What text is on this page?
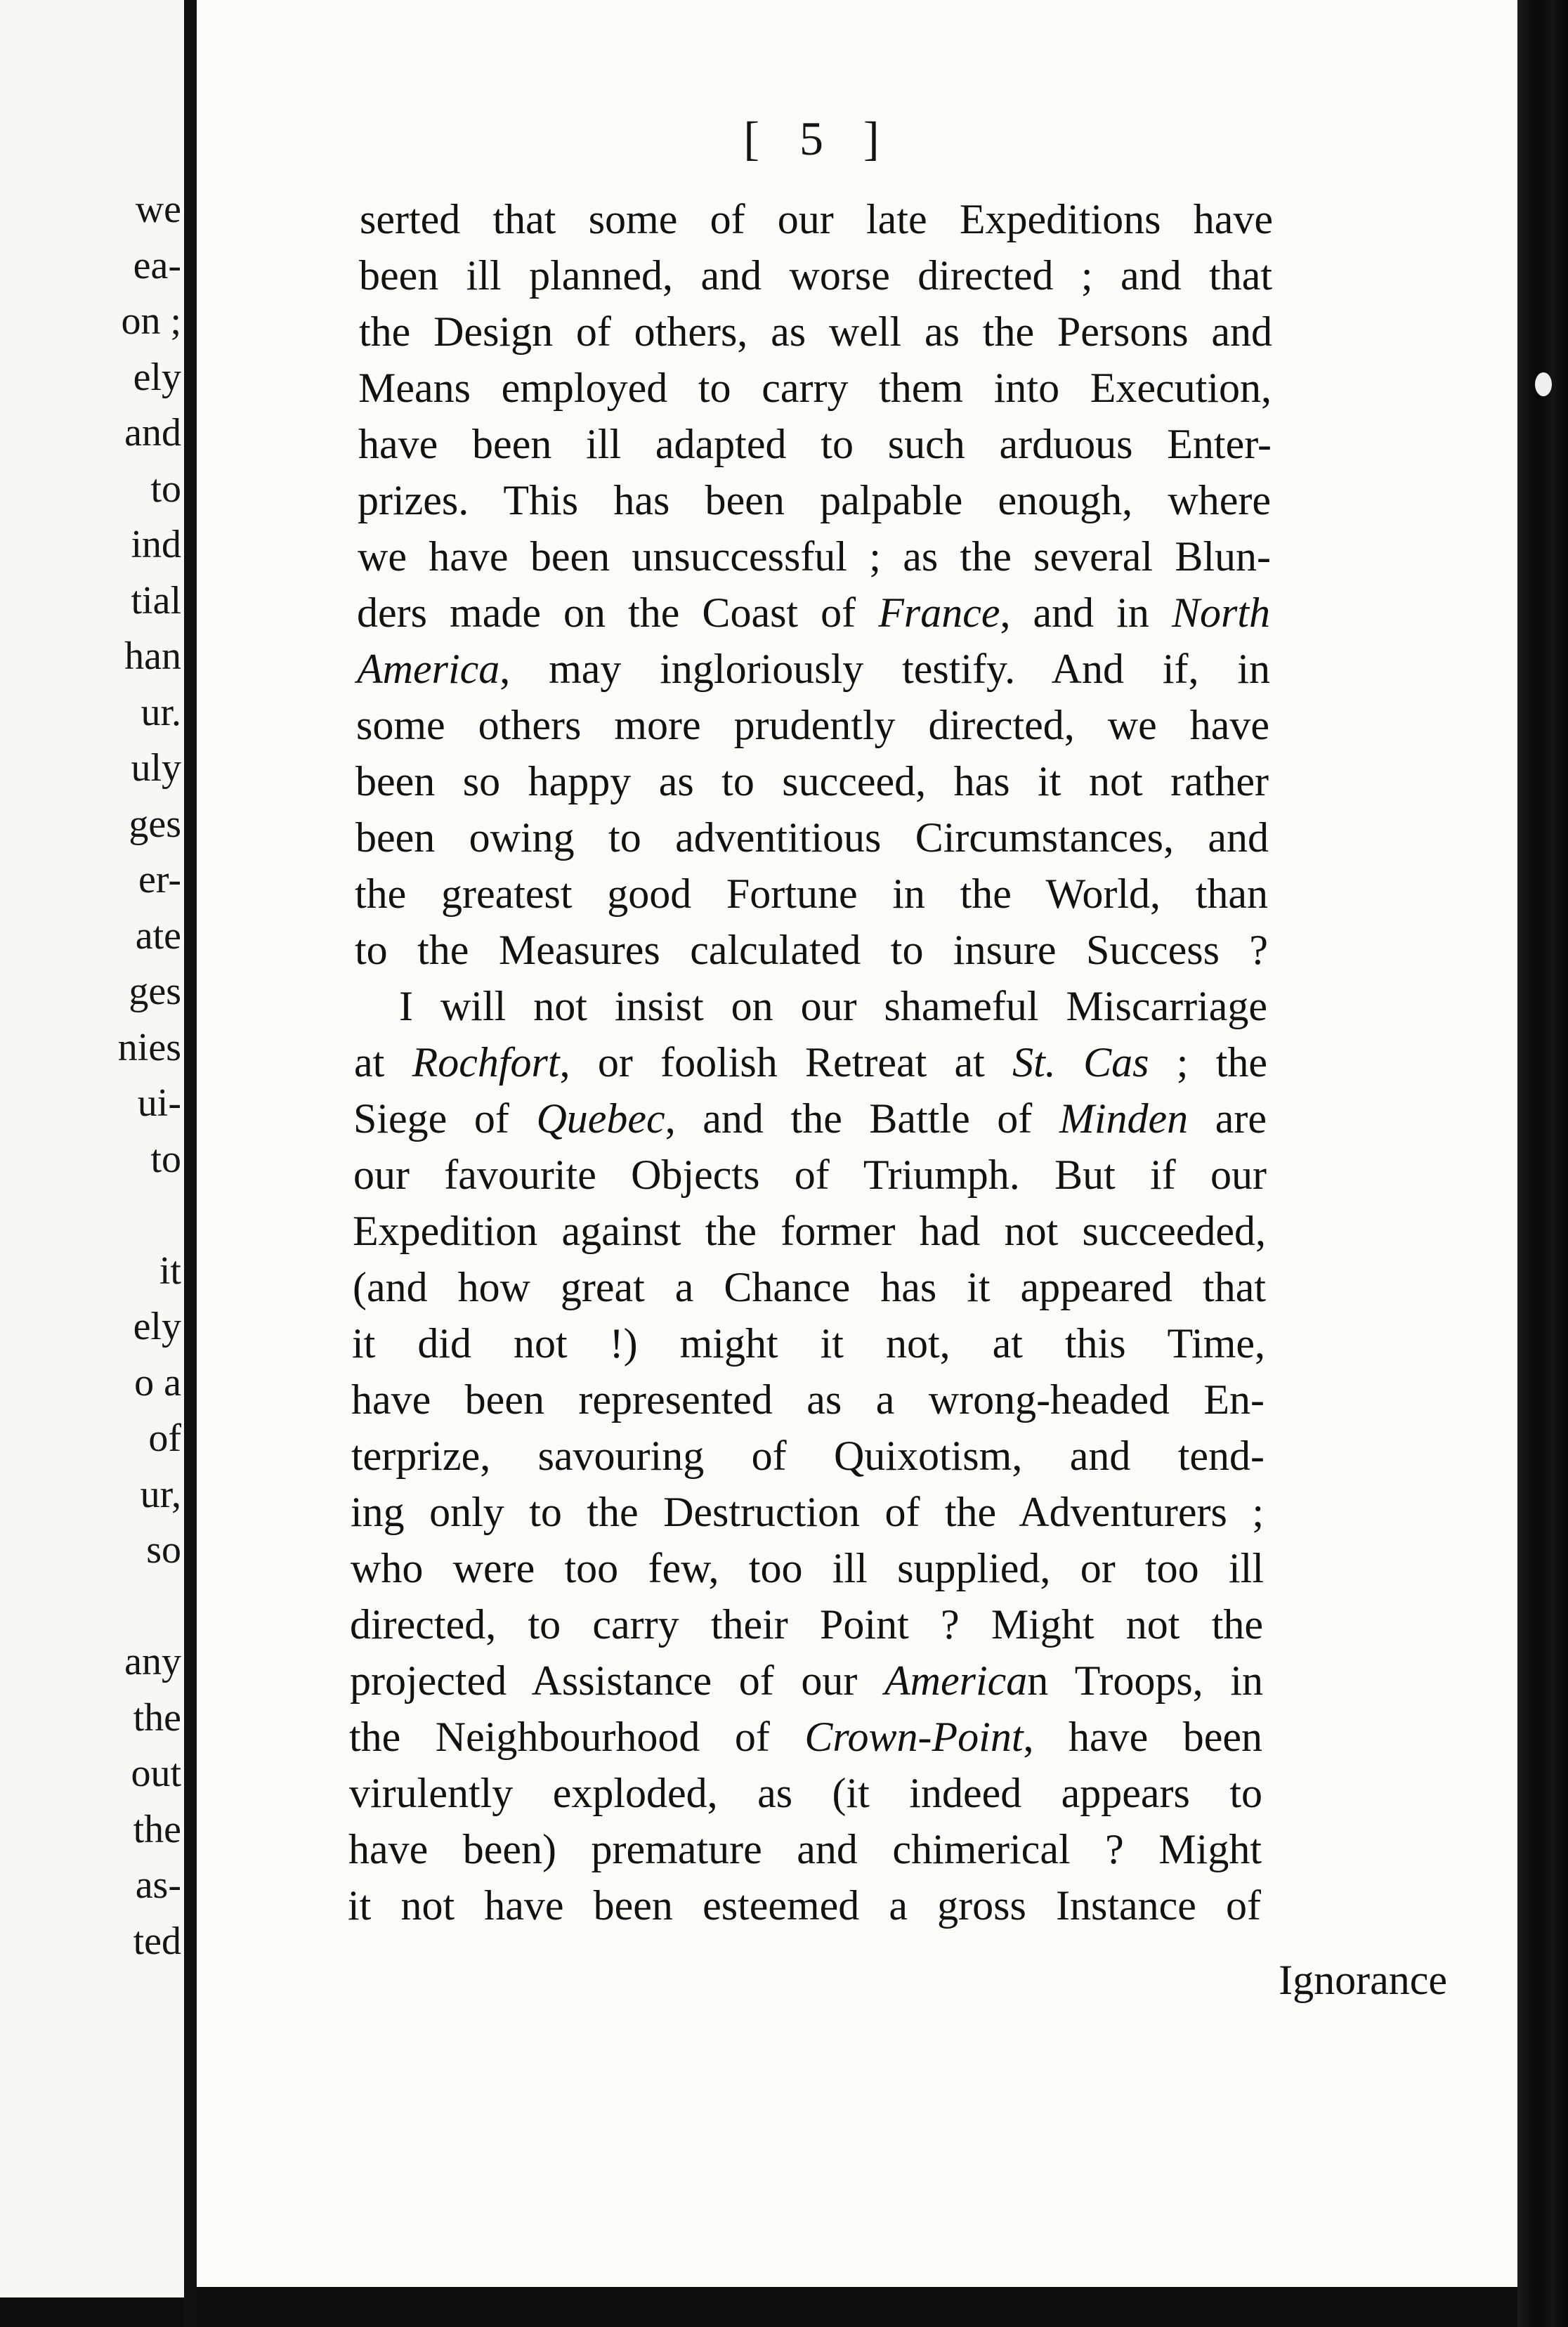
we
ea-
on ;
ely
and
to
ind
tial
han
ur.
uly
ges
er-
ate
ges
nies
ui-
to
it
ely
o a
of
ur,
so
any
the
out
the
as-
ted
[ 5 ]
Ignorance
serted that some of our late Expeditions have
been ill planned, and worse directed ; and that
the Design of others, as well as the Persons and
Means employed to carry them into Execution,
have been ill adapted to such arduous Enter-
prizes. This has been palpable enough, where
we have been unsuccessful ; as the several Blun-
ders made on the Coast of France, and in North
America, may ingloriously testify. And if, in
some others more prudently directed, we have
been so happy as to succeed, has it not rather
been owing to adventitious Circumstances, and
the greatest good Fortune in the World, than
to the Measures calculated to insure Success ?
I will not insist on our shameful Miscarriage
at Rochfort, or foolish Retreat at St. Cas ; the
Siege of Quebec, and the Battle of Minden are
our favourite Objects of Triumph. But if our
Expedition against the former had not succeeded,
(and how great a Chance has it appeared that
it did not !) might it not, at this Time,
have been represented as a wrong-headed En-
terprize, savouring of Quixotism, and tend-
ing only to the Destruction of the Adventurers ;
who were too few, too ill supplied, or too ill
directed, to carry their Point ? Might not the
projected Assistance of our American Troops, in
the Neighbourhood of Crown-Point, have been
virulently exploded, as (it indeed appears to
have been) premature and chimerical ? Might
it not have been esteemed a gross Instance of
